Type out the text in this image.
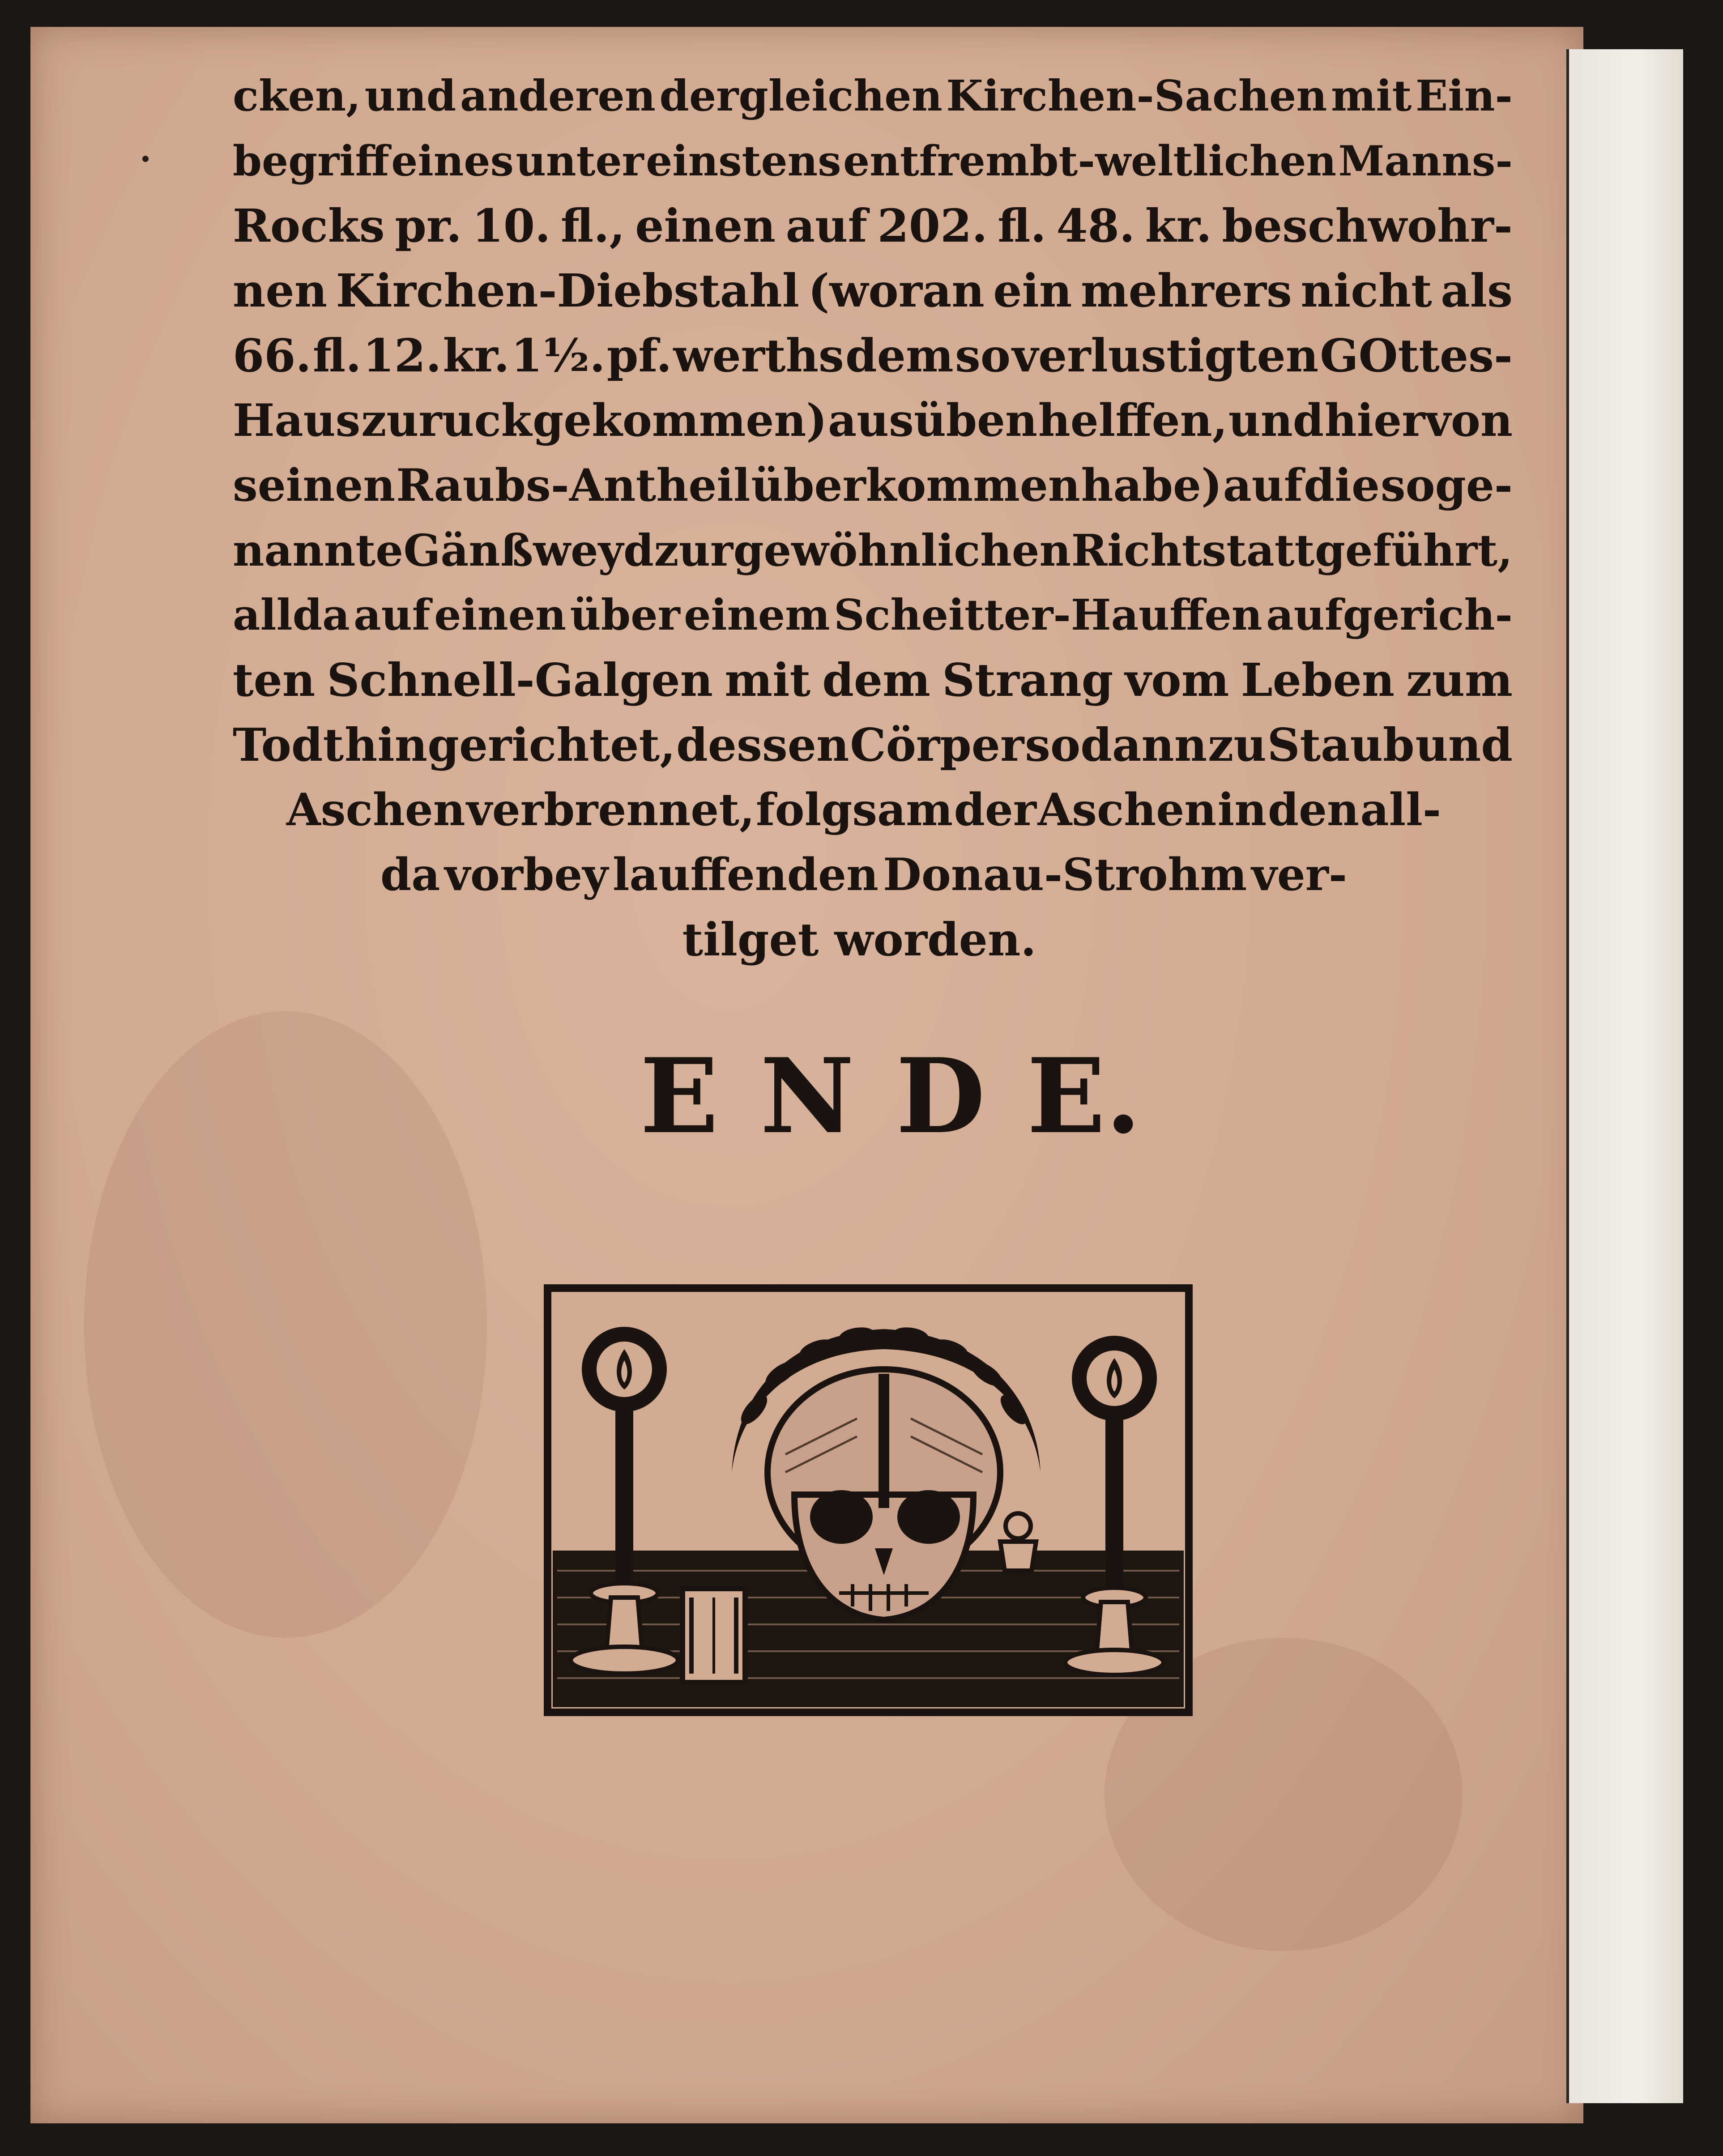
cken, und anderen dergleichen Kirchen-Sachen mit Ein-
begriff eines unter einstens entfrembt-weltlichen Manns-
Rocks pr. 10. fl., einen auf 202. fl. 48. kr. beschwohr-
nen Kirchen-Diebstahl (woran ein mehrers nicht als
66. fl. 12. kr. 1½. pf. werths dem so verlustigten GOttes-
Haus zuruck gekommen) ausüben helffen, und hiervon
seinen Raubs-Antheil überkommen habe) auf die soge-
nannte Gänßweyd zur gewöhnlichen Richtstatt geführt,
allda auf einen über einem Scheitter-Hauffen aufgerich-
ten Schnell-Galgen mit dem Strang vom Leben zum
Todt hingerichtet, dessen Cörper sodann zu Staub und
Aschen verbrennet, folgsam der Aschen in den all-
da vorbey lauffenden Donau-Strohm ver-
tilget worden.
E N D E.
